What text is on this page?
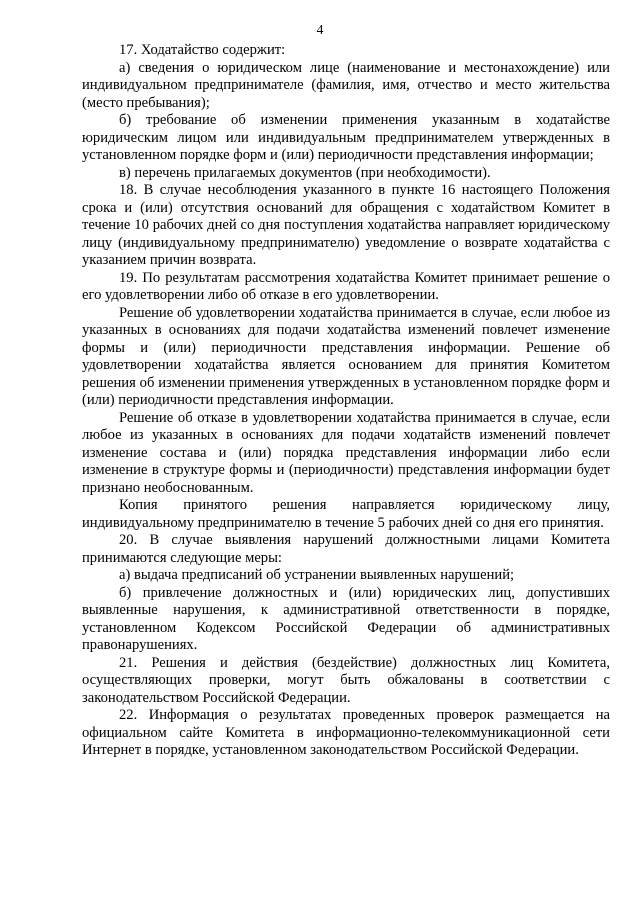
4

17. Ходатайство содержит:

а) сведения о юридическом лице (наименование и местонахождение) или индивидуальном предпринимателе (фамилия, имя, отчество и место жительства (место пребывания);

б) требование об изменении применения указанным в ходатайстве юридическим лицом или индивидуальным предпринимателем утвержденных в установленном порядке форм и (или) периодичности представления информации;

в) перечень прилагаемых документов (при необходимости).

18. В случае несоблюдения указанного в пункте 16 настоящего Положения срока и (или) отсутствия оснований для обращения с ходатайством Комитет в течение 10 рабочих дней со дня поступления ходатайства направляет юридическому лицу (индивидуальному предпринимателю) уведомление о возврате ходатайства с указанием причин возврата.

19. По результатам рассмотрения ходатайства Комитет принимает решение о его удовлетворении либо об отказе в его удовлетворении.

Решение об удовлетворении ходатайства принимается в случае, если любое из указанных в основаниях для подачи ходатайства изменений повлечет изменение формы и (или) периодичности представления информации. Решение об удовлетворении ходатайства является основанием для принятия Комитетом решения об изменении применения утвержденных в установленном порядке форм и (или) периодичности представления информации.

Решение об отказе в удовлетворении ходатайства принимается в случае, если любое из указанных в основаниях для подачи ходатайств изменений повлечет изменение состава и (или) порядка представления информации либо если изменение в структуре формы и (периодичности) представления информации будет признано необоснованным.

Копия принятого решения направляется юридическому лицу, индивидуальному предпринимателю в течение 5 рабочих дней со дня его принятия.

20. В случае выявления нарушений должностными лицами Комитета принимаются следующие меры:

а) выдача предписаний об устранении выявленных нарушений;

б) привлечение должностных и (или) юридических лиц, допустивших выявленные нарушения, к административной ответственности в порядке, установленном Кодексом Российской Федерации об административных правонарушениях.

21. Решения и действия (бездействие) должностных лиц Комитета, осуществляющих проверки, могут быть обжалованы в соответствии с законодательством Российской Федерации.

22. Информация о результатах проведенных проверок размещается на официальном сайте Комитета в информационно-телекоммуникационной сети Интернет в порядке, установленном законодательством Российской Федерации.
